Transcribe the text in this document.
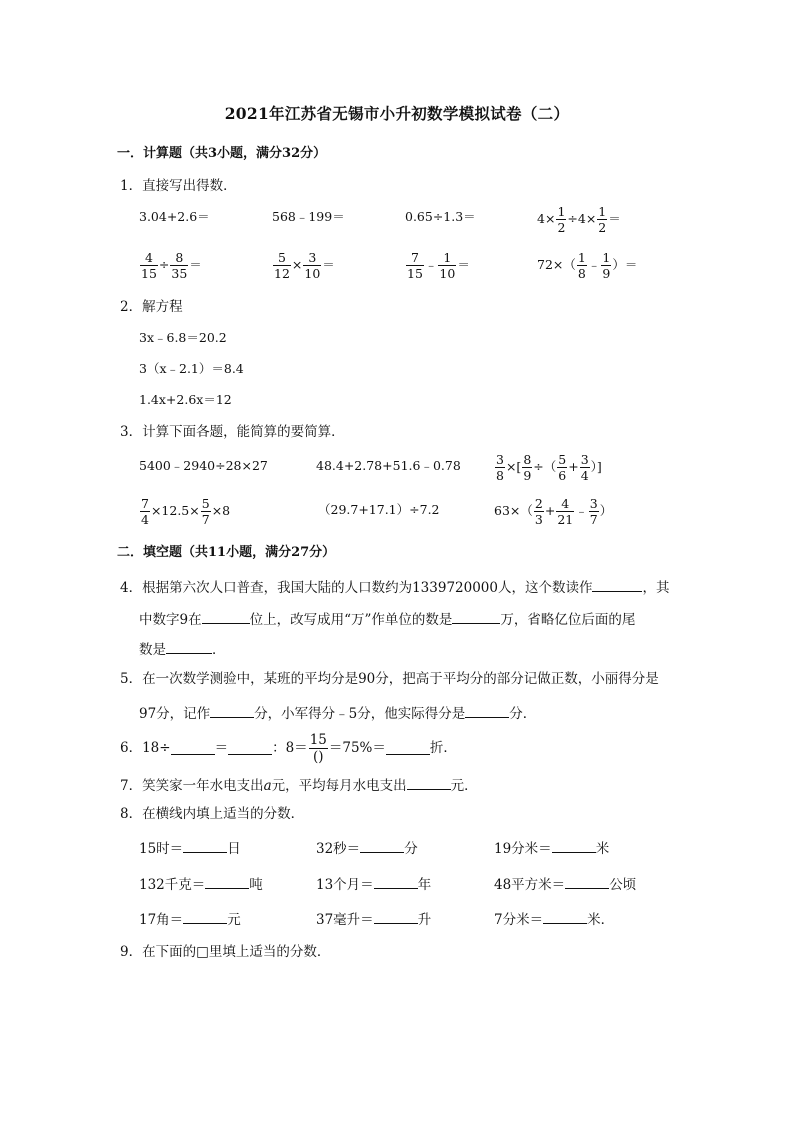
2021年江苏省无锡市小升初数学模拟试卷（二）
一．计算题（共3小题，满分32分）
1．直接写出得数．
3.04+2.6＝	568﹣199＝	0.65÷1.3＝	$4\times \frac{1}{2} \div 4\times \frac{1}{2}$ ＝
$\frac{4}{15} \div \frac{8}{35}$ ＝	$\frac{5}{12} \times \frac{3}{10}$ ＝	$\frac{7}{15}$ ﹣ $\frac{1}{10}$ ＝	$72\times( \frac{1}{8}$ ﹣ $\frac{1}{9}$ ）＝
2．解方程
3x﹣6.8＝20.2
3（x﹣2.1）＝8.4
1.4x+2.6x＝12
3．计算下面各题，能简算的要简算．
5400﹣2940÷28×27	48.4+2.78+51.6﹣0.78	$\frac{3}{8}$ ×[ $\frac{8}{9}$ ÷（ $\frac{5}{6} + \frac{3}{4}$ ）]
$\frac{7}{4} \times 12.5\times \frac{5}{7} \times 8$	（29.7+17.1）÷7.2	$63\times( \frac{2}{3} + \frac{4}{21}$ ﹣ $\frac{3}{7}$ ）
二．填空题（共11小题，满分27分）
4．根据第六次人口普查，我国大陆的人口数约为1339720000人，这个数读作	，其
中数字9在	位上，改写成用“万”作单位的数是	万，省略亿位后面的尾
数是	．
5．在一次数学测验中，某班的平均分是90分，把高于平均分的部分记做正数，小丽得分是
97分，记作	分，小军得分﹣5分，他实际得分是	分．
6．18÷	＝	：$8= \frac{15}{()} =75\%=$	折．
7．笑笑家一年水电支出a元，平均每月水电支出	元．
8．在横线内填上适当的分数．
15时＝	日	32秒＝	分	19分米＝	米
132千克＝	吨	13个月＝	年	48平方米＝	公顷
17角＝	元	37毫升＝	升	7分米＝	米．
9．在下面的□里填上适当的分数．
